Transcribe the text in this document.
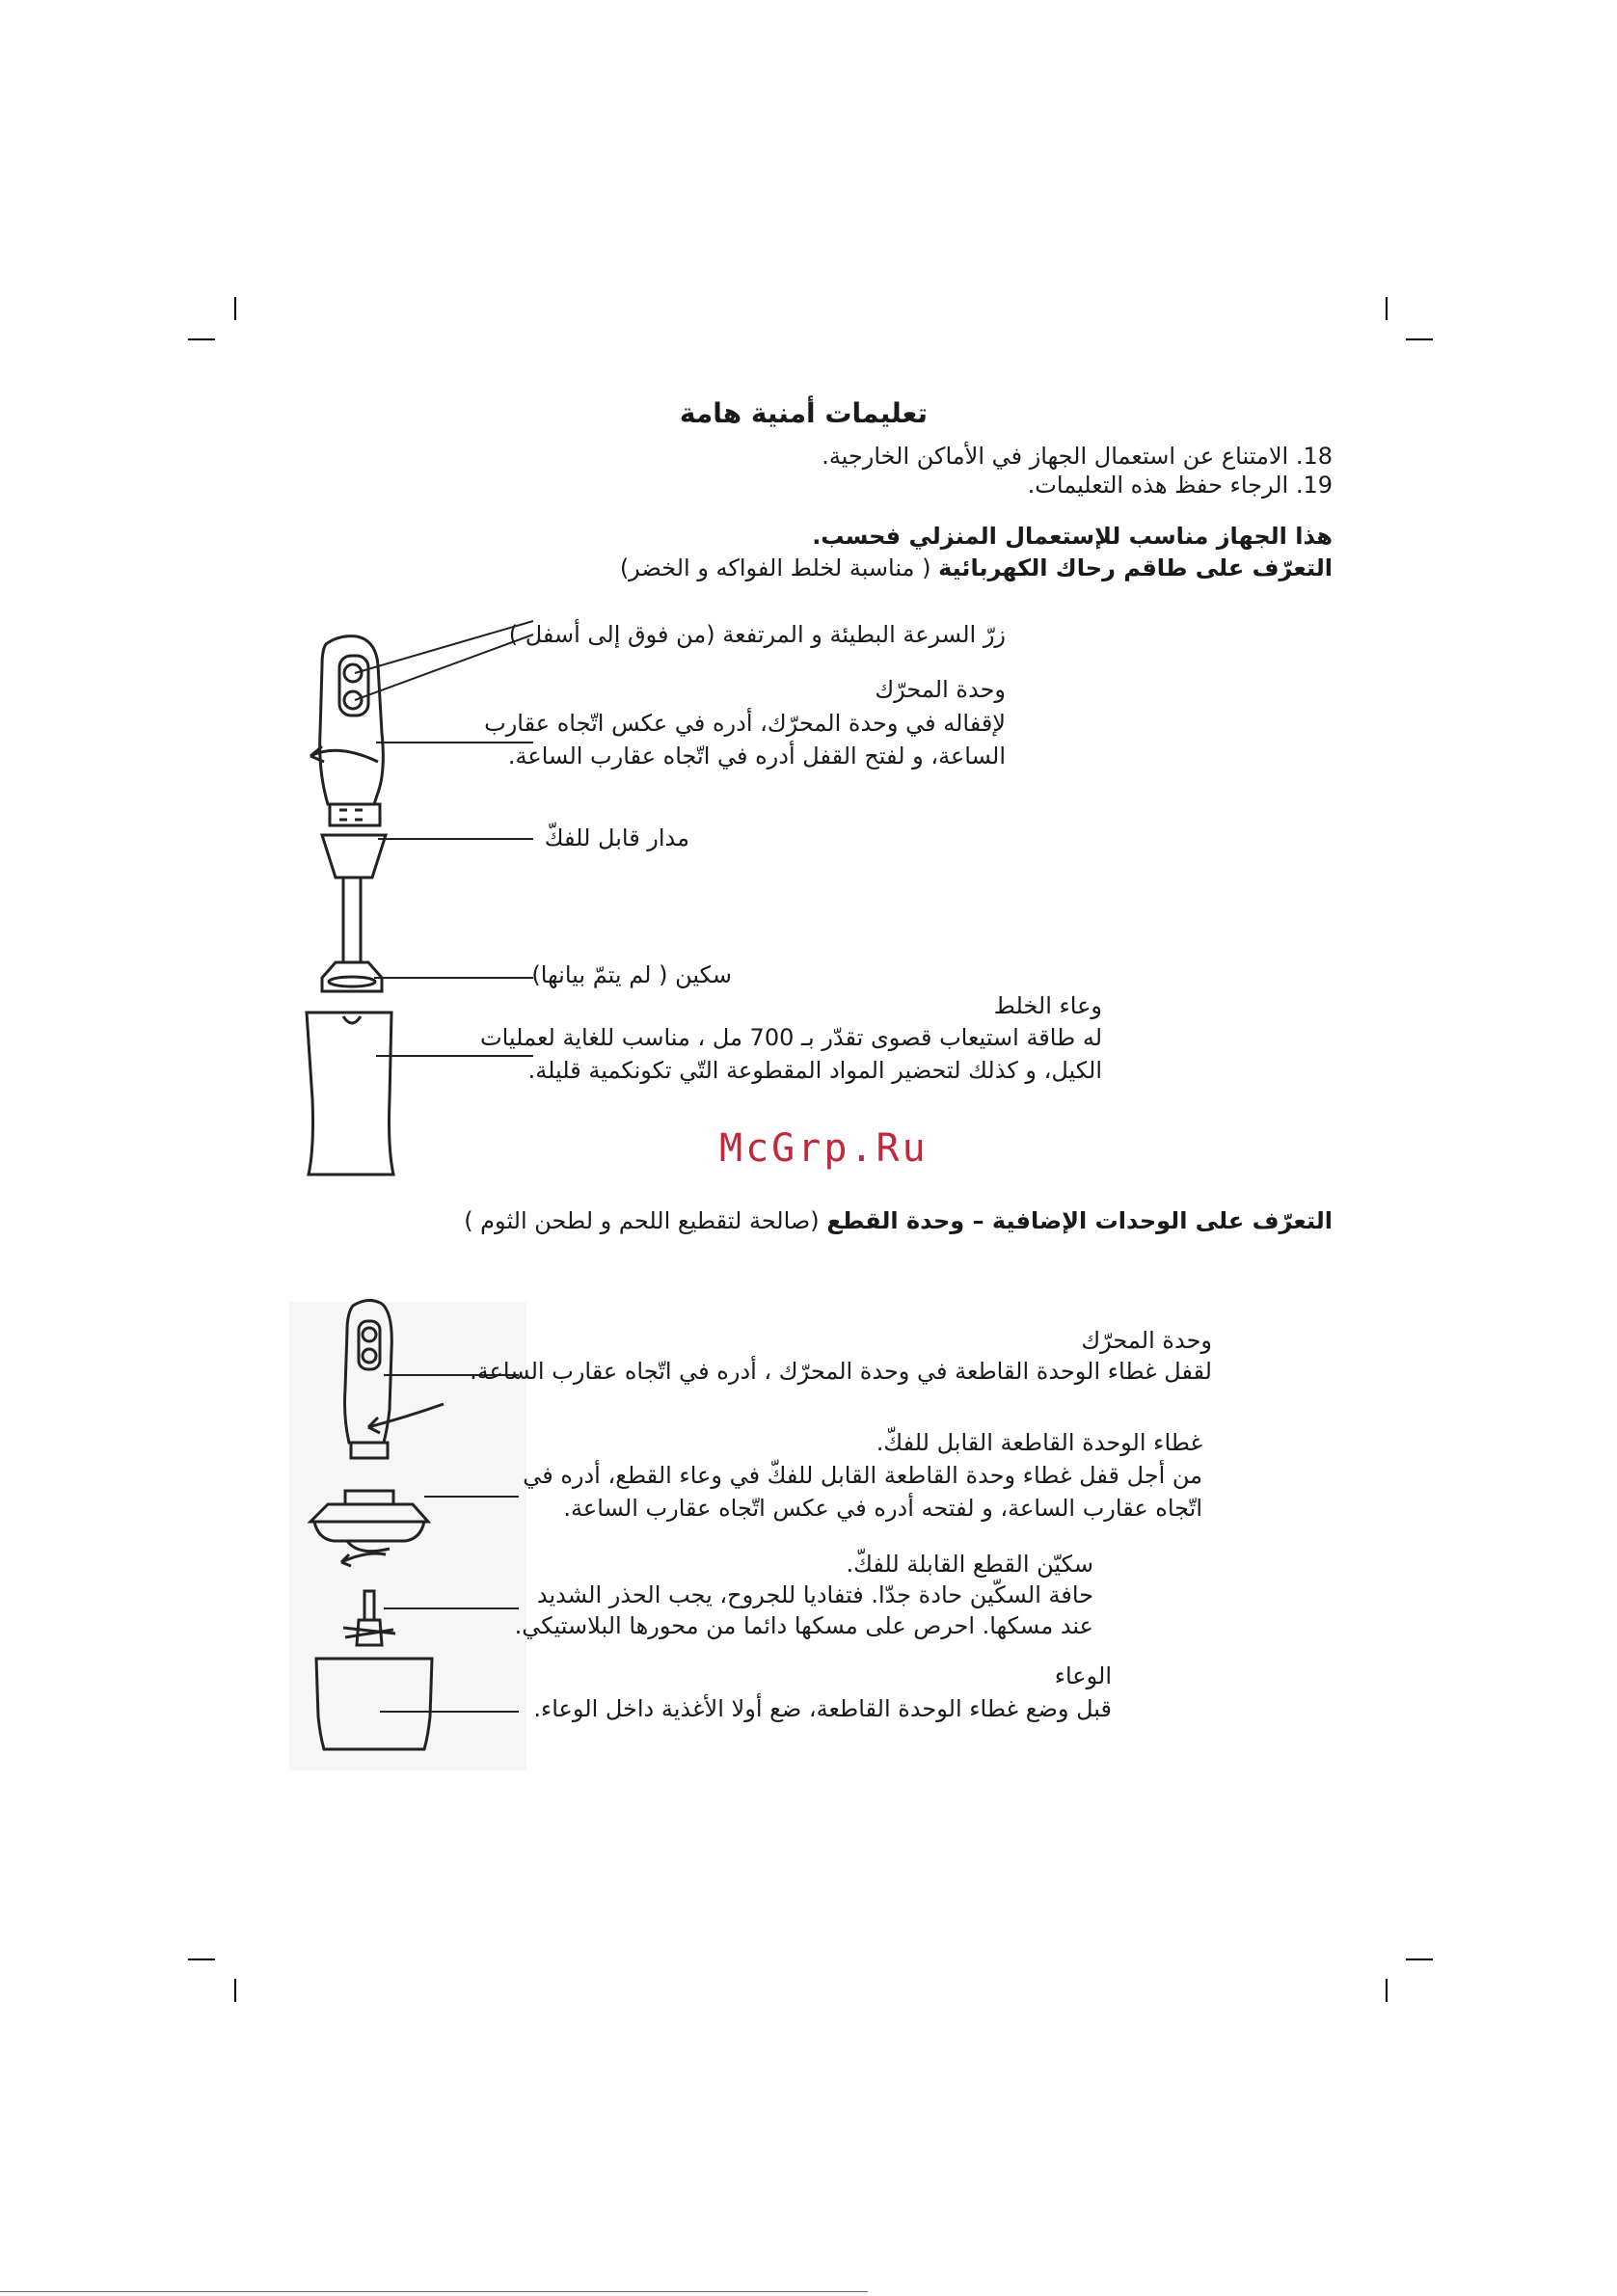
تعليمات أمنية هامة
18. الامتناع عن استعمال الجهاز في الأماكن الخارجية.
19. الرجاء حفظ هذه التعليمات.
هذا الجهاز مناسب للإستعمال المنزلي فحسب.
التعرّف على طاقم رحاك الكهربائية ( مناسبة لخلط الفواكه و الخضر)
زرّ السرعة البطيئة و المرتفعة (من فوق إلى أسفل )
وحدة المحرّك
لإقفاله في وحدة المحرّك، أدره في عكس اتّجاه عقارب
الساعة، و لفتح القفل أدره في اتّجاه عقارب الساعة.
مدار قابل للفكّ
سكين ( لم يتمّ بيانها)
وعاء الخلط
له طاقة استيعاب قصوى تقدّر بـ 700 مل ، مناسب للغاية لعمليات
الكيل، و كذلك لتحضير المواد المقطوعة التّي تكونكمية قليلة.
McGrp.Ru
التعرّف على الوحدات الإضافية – وحدة القطع (صالحة لتقطيع اللحم و لطحن الثوم )
وحدة المحرّك
لقفل غطاء الوحدة القاطعة في وحدة المحرّك ، أدره في اتّجاه عقارب الساعة.
غطاء الوحدة القاطعة القابل للفكّ.
من أجل قفل غطاء وحدة القاطعة القابل للفكّ في وعاء القطع، أدره في
اتّجاه عقارب الساعة، و لفتحه أدره في عكس اتّجاه عقارب الساعة.
سكيّن القطع القابلة للفكّ.
حافة السكّين حادة جدّا. فتفاديا للجروح، يجب الحذر الشديد
عند مسكها. احرص على مسكها دائما من محورها البلاستيكي.
الوعاء
قبل وضع غطاء الوحدة القاطعة، ضع أولا الأغذية داخل الوعاء.
